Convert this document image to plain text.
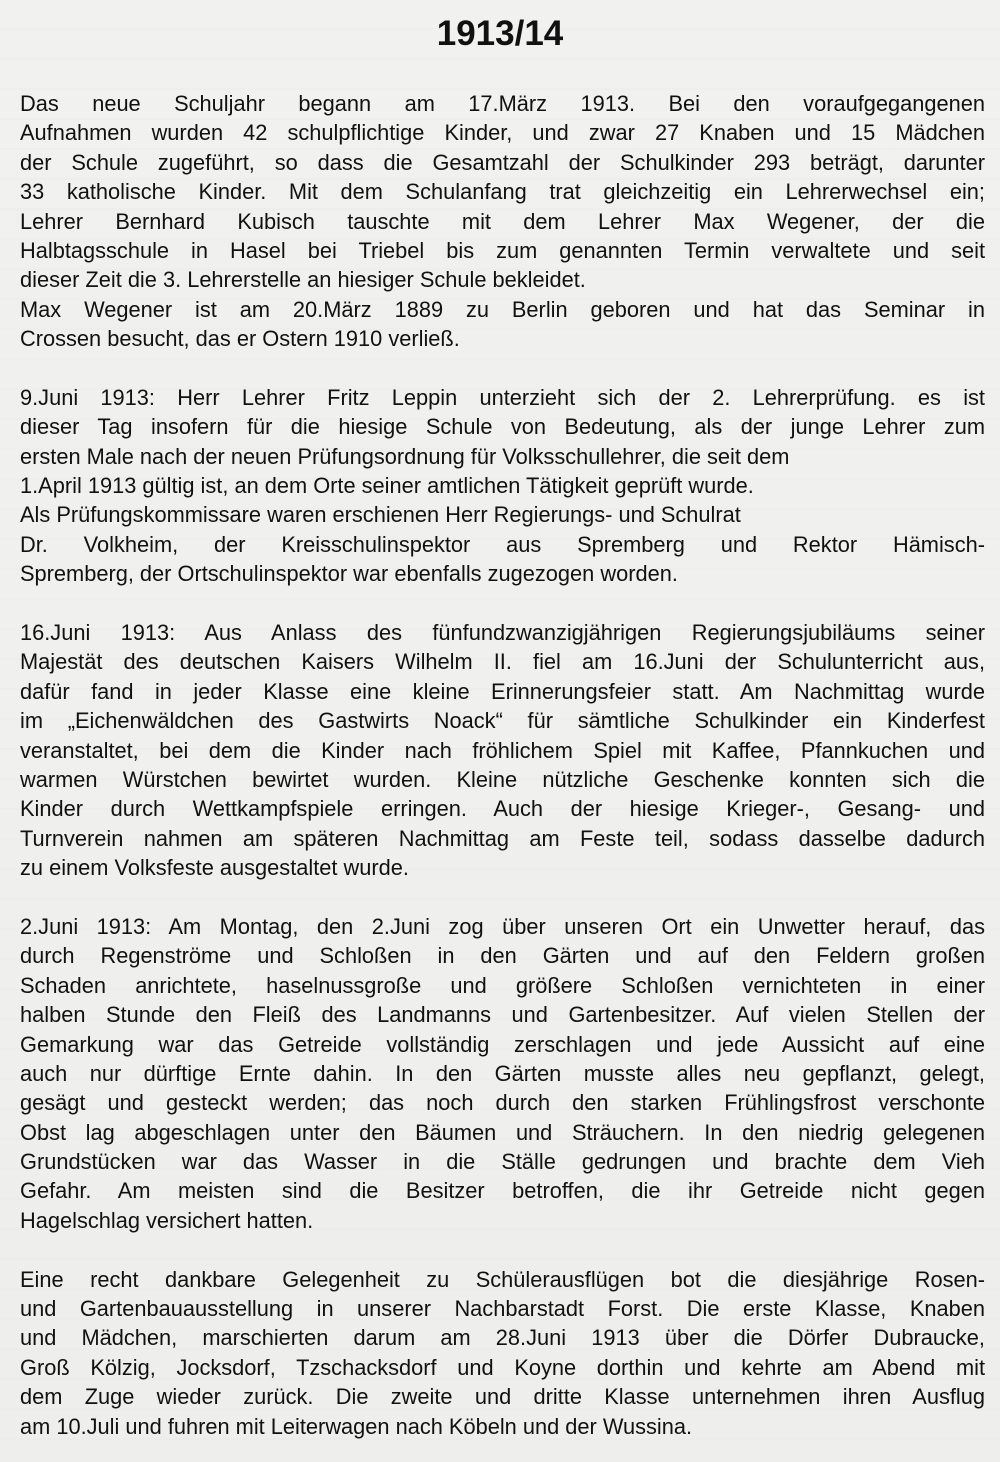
1913/14
Das neue Schuljahr begann am 17.März 1913. Bei den voraufgegangenen
Aufnahmen wurden 42 schulpflichtige Kinder, und zwar 27 Knaben und 15 Mädchen
der Schule zugeführt, so dass die Gesamtzahl der Schulkinder 293 beträgt, darunter
33 katholische Kinder. Mit dem Schulanfang trat gleichzeitig ein Lehrerwechsel ein;
Lehrer Bernhard Kubisch tauschte mit dem Lehrer Max Wegener, der die
Halbtagsschule in Hasel bei Triebel bis zum genannten Termin verwaltete und seit
dieser Zeit die 3. Lehrerstelle an hiesiger Schule bekleidet.
Max Wegener ist am 20.März 1889 zu Berlin geboren und hat das Seminar in
Crossen besucht, das er Ostern 1910 verließ.
9.Juni 1913: Herr Lehrer Fritz Leppin unterzieht sich der 2. Lehrerprüfung. es ist
dieser Tag insofern für die hiesige Schule von Bedeutung, als der junge Lehrer zum
ersten Male nach der neuen Prüfungsordnung für Volksschullehrer, die seit dem
1.April 1913 gültig ist, an dem Orte seiner amtlichen Tätigkeit geprüft wurde.
Als Prüfungskommissare waren erschienen Herr Regierungs- und Schulrat
Dr. Volkheim, der Kreisschulinspektor aus Spremberg und Rektor Hämisch-
Spremberg, der Ortschulinspektor war ebenfalls zugezogen worden.
16.Juni 1913: Aus Anlass des fünfundzwanzigjährigen Regierungsjubiläums seiner
Majestät des deutschen Kaisers Wilhelm II. fiel am 16.Juni der Schulunterricht aus,
dafür fand in jeder Klasse eine kleine Erinnerungsfeier statt. Am Nachmittag wurde
im „Eichenwäldchen des Gastwirts Noack“ für sämtliche Schulkinder ein Kinderfest
veranstaltet, bei dem die Kinder nach fröhlichem Spiel mit Kaffee, Pfannkuchen und
warmen Würstchen bewirtet wurden. Kleine nützliche Geschenke konnten sich die
Kinder durch Wettkampfspiele erringen. Auch der hiesige Krieger-, Gesang- und
Turnverein nahmen am späteren Nachmittag am Feste teil, sodass dasselbe dadurch
zu einem Volksfeste ausgestaltet wurde.
2.Juni 1913: Am Montag, den 2.Juni zog über unseren Ort ein Unwetter herauf, das
durch Regenströme und Schloßen in den Gärten und auf den Feldern großen
Schaden anrichtete, haselnussgroße und größere Schloßen vernichteten in einer
halben Stunde den Fleiß des Landmanns und Gartenbesitzer. Auf vielen Stellen der
Gemarkung war das Getreide vollständig zerschlagen und jede Aussicht auf eine
auch nur dürftige Ernte dahin. In den Gärten musste alles neu gepflanzt, gelegt,
gesägt und gesteckt werden; das noch durch den starken Frühlingsfrost verschonte
Obst lag abgeschlagen unter den Bäumen und Sträuchern. In den niedrig gelegenen
Grundstücken war das Wasser in die Ställe gedrungen und brachte dem Vieh
Gefahr. Am meisten sind die Besitzer betroffen, die ihr Getreide nicht gegen
Hagelschlag versichert hatten.
Eine recht dankbare Gelegenheit zu Schülerausflügen bot die diesjährige Rosen-
und Gartenbauausstellung in unserer Nachbarstadt Forst. Die erste Klasse, Knaben
und Mädchen, marschierten darum am 28.Juni 1913 über die Dörfer Dubraucke,
Groß Kölzig, Jocksdorf, Tzschacksdorf und Koyne dorthin und kehrte am Abend mit
dem Zuge wieder zurück. Die zweite und dritte Klasse unternehmen ihren Ausflug
am 10.Juli und fuhren mit Leiterwagen nach Köbeln und der Wussina.
